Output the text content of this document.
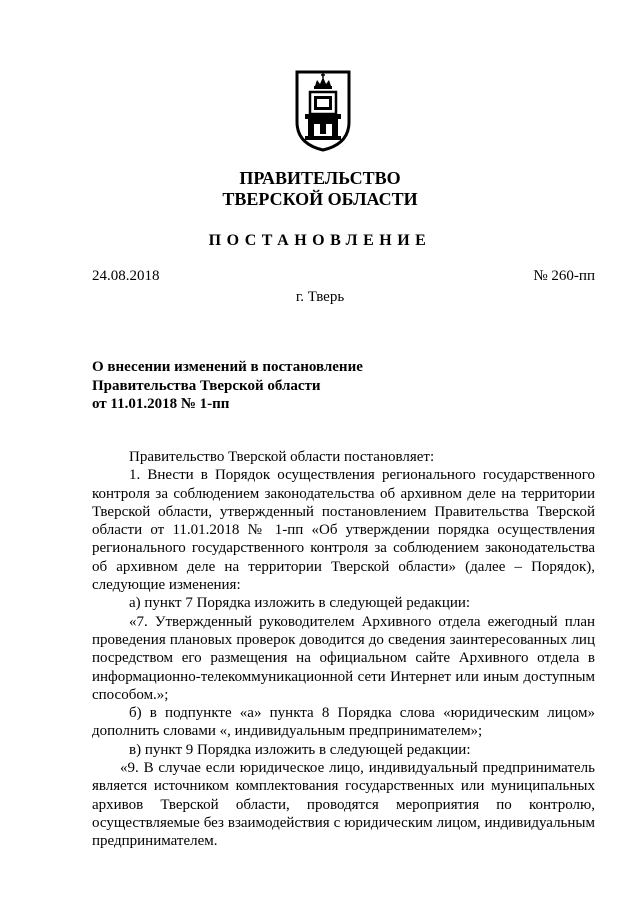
ПРАВИТЕЛЬСТВО
ТВЕРСКОЙ ОБЛАСТИ
ПОСТАНОВЛЕНИЕ
24.08.2018	№ 260-пп
г. Тверь
О внесении изменений в постановление
Правительства Тверской области
от 11.01.2018 № 1-пп

Правительство Тверской области постановляет:

1. Внести в Порядок осуществления регионального государственного контроля за соблюдением законодательства об архивном деле на территории Тверской области, утвержденный постановлением Правительства Тверской области от 11.01.2018 № 1-пп «Об утверждении порядка осуществления регионального государственного контроля за соблюдением законодательства об архивном деле на территории Тверской области» (далее – Порядок), следующие изменения:

а) пункт 7 Порядка изложить в следующей редакции:

«7. Утвержденный руководителем Архивного отдела ежегодный план проведения плановых проверок доводится до сведения заинтересованных лиц посредством его размещения на официальном сайте Архивного отдела в информационно-телекоммуникационной сети Интернет или иным доступным способом.»;

б) в подпункте «а» пункта 8 Порядка слова «юридическим лицом» дополнить словами «, индивидуальным предпринимателем»;

в) пункт 9 Порядка изложить в следующей редакции:

«9. В случае если юридическое лицо, индивидуальный предприниматель является источником комплектования государственных или муниципальных архивов Тверской области, проводятся мероприятия по контролю, осуществляемые без взаимодействия с юридическим лицом, индивидуальным предпринимателем.
